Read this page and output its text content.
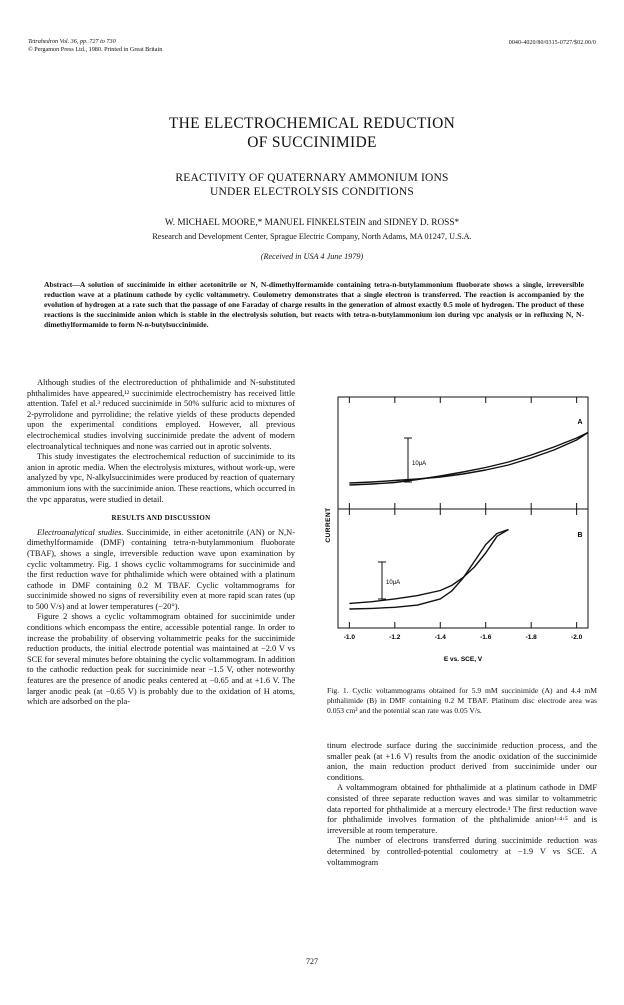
Tetrahedron Vol. 36, pp. 727 to 730
© Pergamon Press Ltd., 1980. Printed in Great Britain
0040-4020/80/0315-0727/$02.00/0
THE ELECTROCHEMICAL REDUCTION
OF SUCCINIMIDE
REACTIVITY OF QUATERNARY AMMONIUM IONS
UNDER ELECTROLYSIS CONDITIONS
W. MICHAEL MOORE,* MANUEL FINKELSTEIN and SIDNEY D. ROSS*
Research and Development Center, Sprague Electric Company, North Adams, MA 01247, U.S.A.
(Received in USA 4 June 1979)
Abstract—A solution of succinimide in either acetonitrile or N, N-dimethylformamide containing tetra-n-butylammonium fluoborate shows a single, irreversible reduction wave at a platinum cathode by cyclic voltammetry. Coulometry demonstrates that a single electron is transferred. The reaction is accompanied by the evolution of hydrogen at a rate such that the passage of one Faraday of charge results in the generation of almost exactly 0.5 mole of hydrogen. The product of these reactions is the succinimide anion which is stable in the electrolysis solution, but reacts with tetra-n-butylammonium ion during vpc analysis or in refluxing N, N-dimethylformamide to form N-n-butylsuccinimide.

Although studies of the electroreduction of phthalimide and N-substituted phthalimides have appeared,¹² succinimide electrochemistry has received little attention. Tafel et al.³ reduced succinimide in 50% sulfuric acid to mixtures of 2-pyrrolidone and pyrrolidine; the relative yields of these products depended upon the experimental conditions employed. However, all previous electrochemical studies involving succinimide predate the advent of modern electroanalytical techniques and none was carried out in aprotic solvents.

This study investigates the electrochemical reduction of succinimide to its anion in aprotic media. When the electrolysis mixtures, without work-up, were analyzed by vpc, N-alkylsuccinimides were produced by reaction of quaternary ammonium ions with the succinimide anion. These reactions, which occurred in the vpc apparatus, were studied in detail.

RESULTS AND DISCUSSION

Electroanalytical studies. Succinimide, in either acetonitrile (AN) or N,N-dimethylformamide (DMF) containing tetra-n-butylammonium fluoborate (TBAF), shows a single, irreversible reduction wave upon examination by cyclic voltammetry. Fig. 1 shows cyclic voltammograms for succinimide and the first reduction wave for phthalimide which were obtained with a platinum cathode in DMF containing 0.2 M TBAF. Cyclic voltammograms for succinimide showed no signs of reversibility even at more rapid scan rates (up to 500 V/s) and at lower temperatures (−20°).

Figure 2 shows a cyclic voltammogram obtained for succinimide under conditions which encompass the entire, accessible potential range. In order to increase the probability of observing voltammetric peaks for the succinimide reduction products, the initial electrode potential was maintained at −2.0 V vs SCE for several minutes before obtaining the cyclic voltammogram. In addition to the cathodic reduction peak for succinimide near −1.5 V, other noteworthy features are the presence of anodic peaks centered at −0.65 and at +1.6 V. The larger anodic peak (at −0.65 V) is probably due to the oxidation of H atoms, which are adsorbed on the pla-

A
B
10μA
10μA
CURRENT
-1.0	-1.2	-1.4	-1.6	-1.8	-2.0
E vs. SCE, V
Fig. 1. Cyclic voltammograms obtained for 5.9 mM succinimide (A) and 4.4 mM phthalimide (B) in DMF containing 0.2 M TBAF. Platinum disc electrode area was 0.053 cm² and the potential scan rate was 0.05 V/s.

tinum electrode surface during the succinimide reduction process, and the smaller peak (at +1.6 V) results from the anodic oxidation of the succinimide anion, the main reduction product derived from succinimide under our conditions.

A voltammogram obtained for phthalimide at a platinum cathode in DMF consisted of three separate reduction waves and was similar to voltammetric data reported for phthalimide at a mercury electrode.¹ The first reduction wave for phthalimide involves formation of the phthalimide anion¹·⁴·⁵ and is irreversible at room temperature.

The number of electrons transferred during succinimide reduction was determined by controlled-potential coulometry at −1.9 V vs SCE. A voltammogram

727
